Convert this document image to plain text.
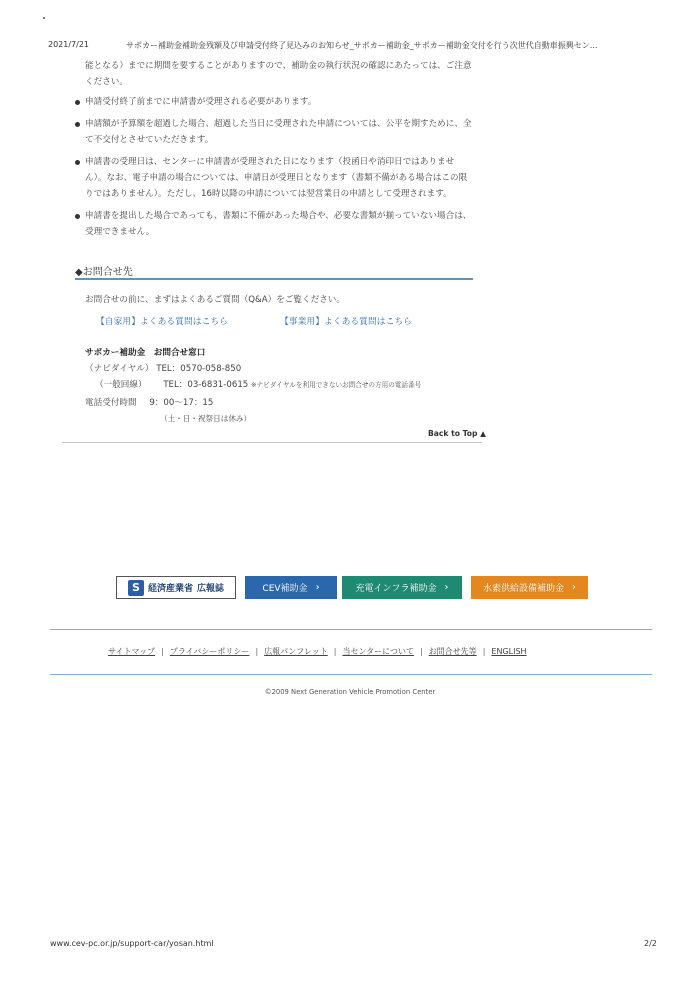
2021/7/21	サポカー補助金補助金残額及び申請受付終了見込みのお知らせ_サポカー補助金_サポカー補助金交付を行う次世代自動車振興セン...
能となる）までに期間を要することがありますので、補助金の執行状況の確認にあたっては、ご注意ください。
申請受付終了前までに申請書が受理される必要があります。
申請額が予算額を超過した場合、超過した当日に受理された申請については、公平を期すために、全て不交付とさせていただきます。
申請書の受理日は、センターに申請書が受理された日になります（投函日や消印日ではありません）。なお、電子申請の場合については、申請日が受理日となります（書類不備がある場合はこの限りではありません）。ただし、16時以降の申請については翌営業日の申請として受理されます。
申請書を提出した場合であっても、書類に不備があった場合や、必要な書類が揃っていない場合は、受理できません。
◆お問合せ先
お問合せの前に、まずはよくあるご質問（Q&A）をご覧ください。
【自家用】よくある質問はこちら	【事業用】よくある質問はこちら
サポカー補助金　お問合せ窓口
（ナビダイヤル） TEL：0570-058-850
（一般回線） TEL：03-6831-0615 ※ナビダイヤルを利用できないお問合せの方用の電話番号
電話受付時間 9：00〜17：15
（土・日・祝祭日は休み）
Back to Top ▲
S 経済産業省 広報誌	CEV補助金 ›	充電インフラ補助金 ›	水素供給設備補助金 ›
サイトマップ | プライバシーポリシー | 広報パンフレット | 当センターについて | お問合せ先等 | ENGLISH
©2009 Next Generation Vehicle Promotion Center
www.cev-pc.or.jp/support-car/yosan.html	2/2
